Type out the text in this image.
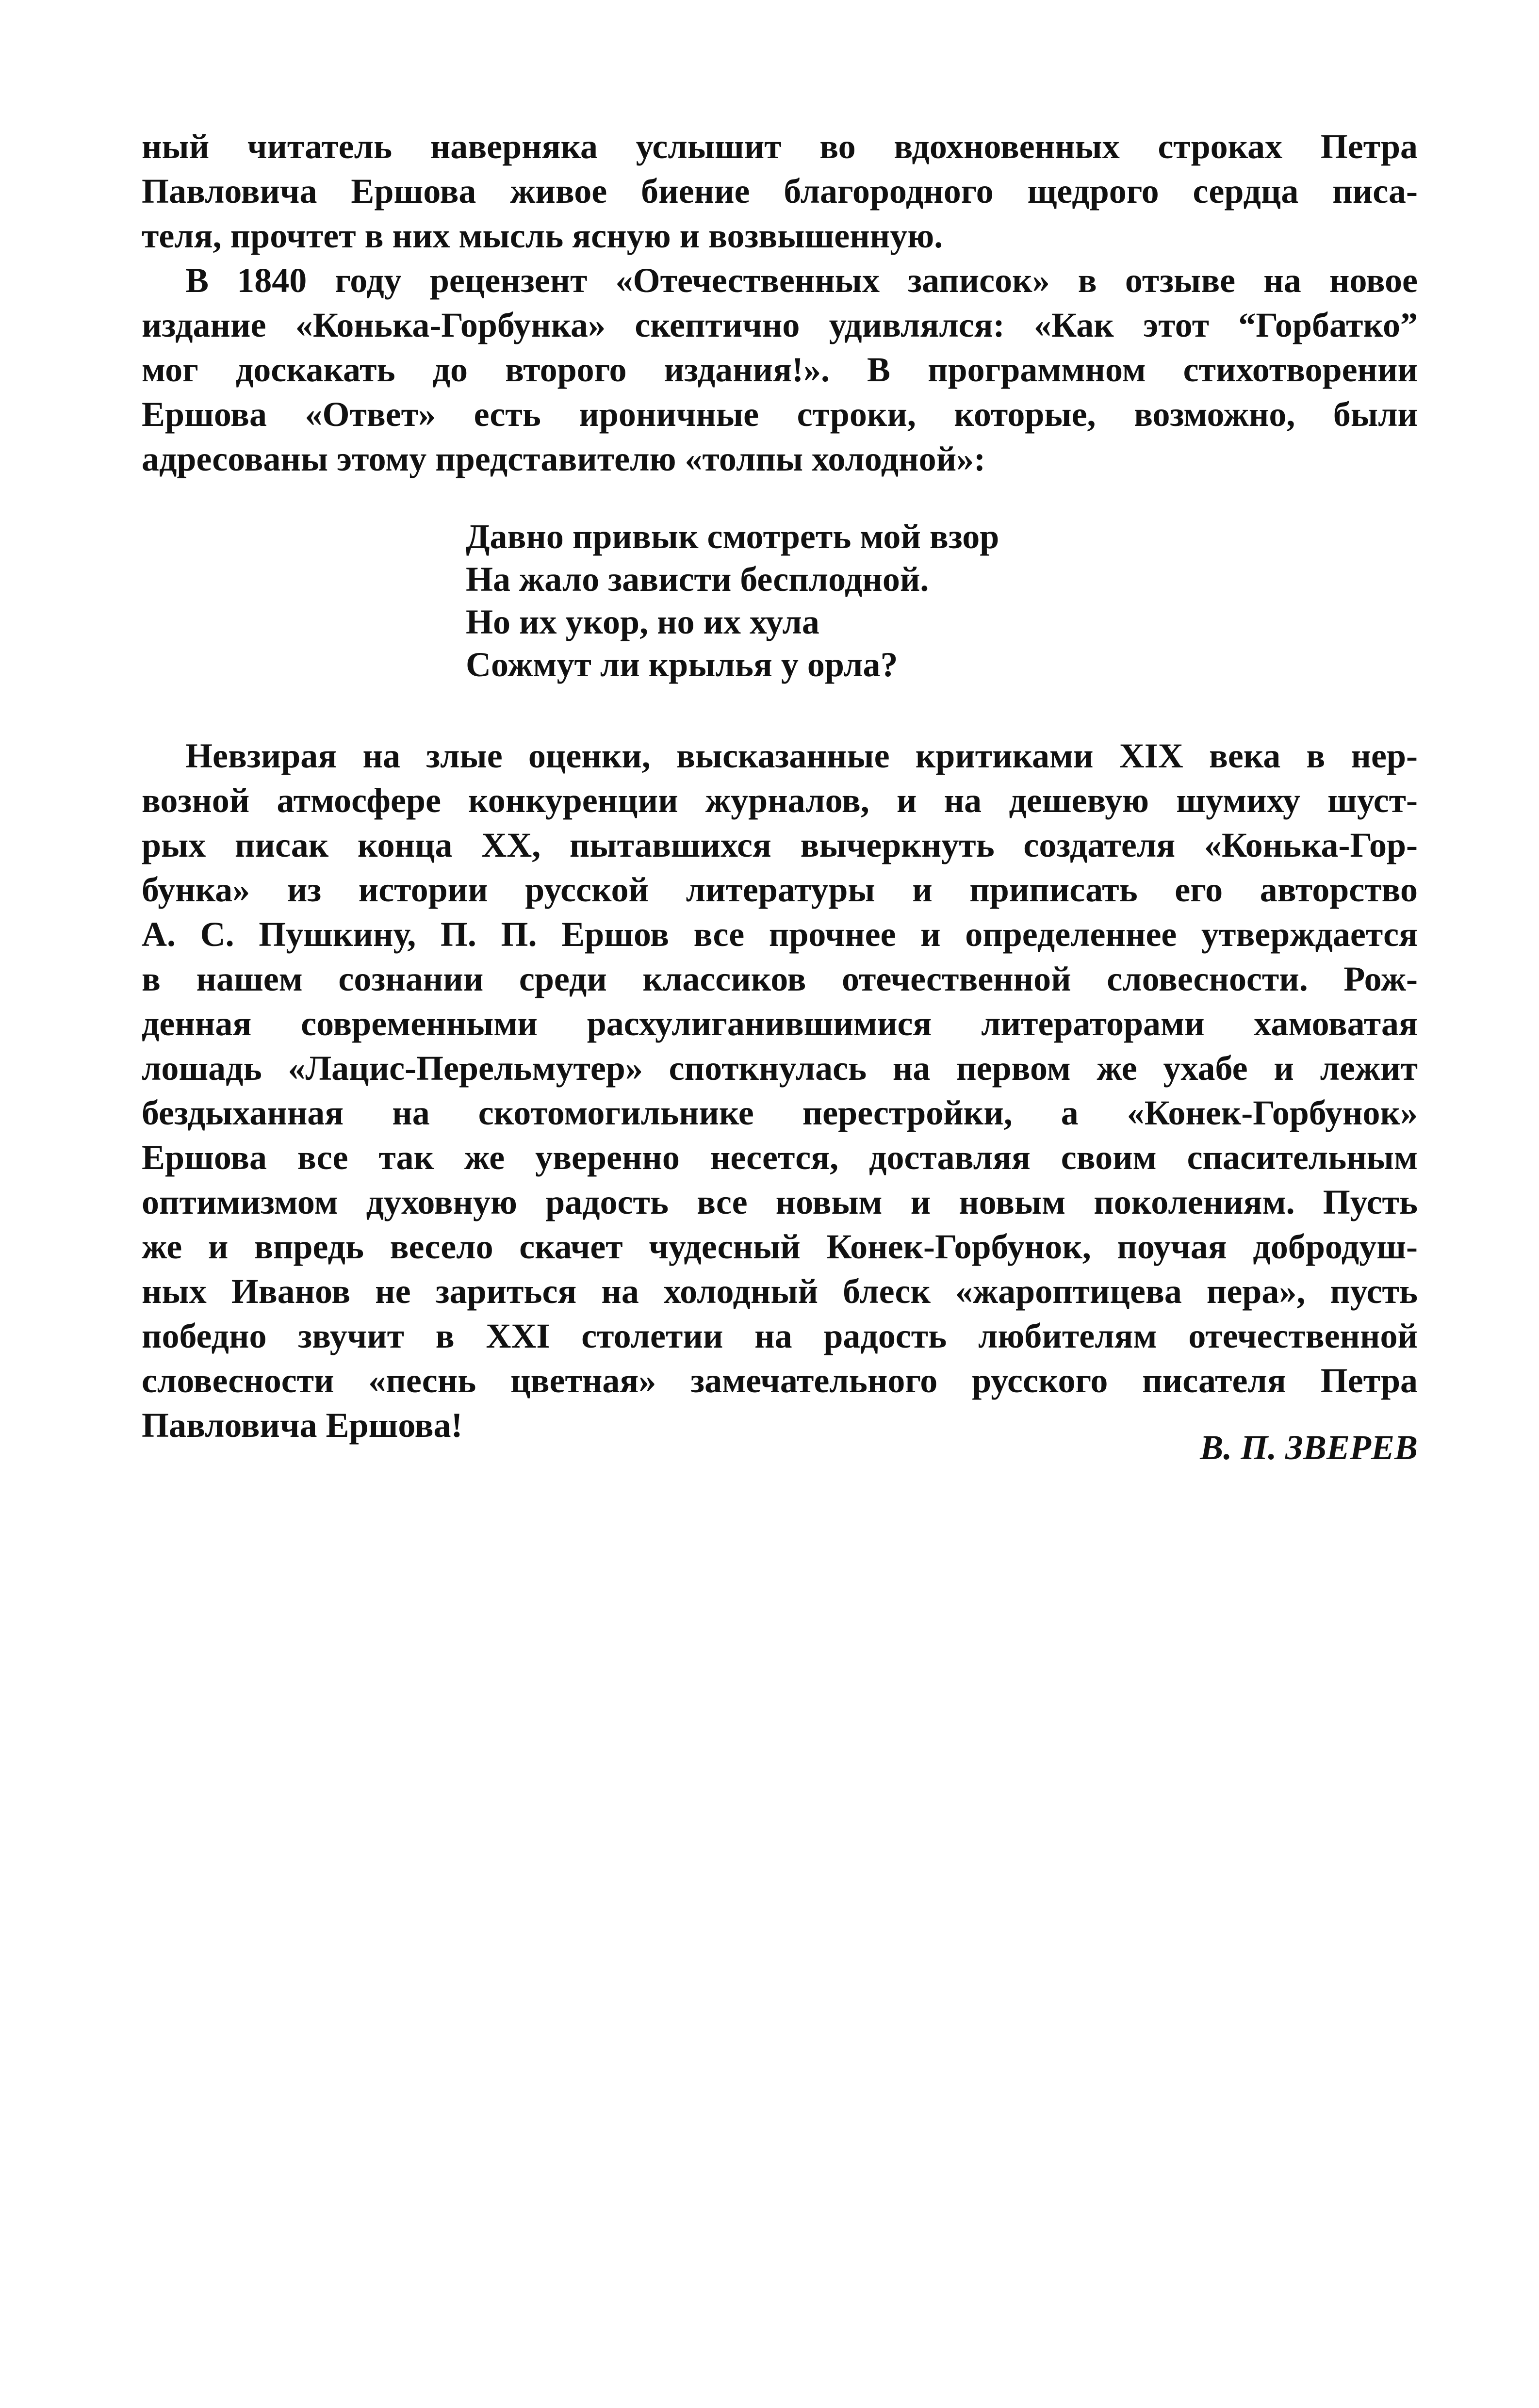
ный читатель наверняка услышит во вдохновенных строках Петра
Павловича Ершова живое биение благородного щедрого сердца писа-
теля, прочтет в них мысль ясную и возвышенную.
В 1840 году рецензент «Отечественных записок» в отзыве на новое
издание «Конька-Горбунка» скептично удивлялся: «Как этот “Горбатко”
мог доскакать до второго издания!». В программном стихотворении
Ершова «Ответ» есть ироничные строки, которые, возможно, были
адресованы этому представителю «толпы холодной»:
Давно привык смотреть мой взор
На жало зависти бесплодной.
Но их укор, но их хула
Сожмут ли крылья у орла?
Невзирая на злые оценки, высказанные критиками XIX века в нер-
возной атмосфере конкуренции журналов, и на дешевую шумиху шуст-
рых писак конца XX, пытавшихся вычеркнуть создателя «Конька-Гор-
бунка» из истории русской литературы и приписать его авторство
А. С. Пушкину, П. П. Ершов все прочнее и определеннее утверждается
в нашем сознании среди классиков отечественной словесности. Рож-
денная современными расхулиганившимися литераторами хамоватая
лошадь «Лацис-Перельмутер» споткнулась на первом же ухабе и лежит
бездыханная на скотомогильнике перестройки, а «Конек-Горбунок»
Ершова все так же уверенно несется, доставляя своим спасительным
оптимизмом духовную радость все новым и новым поколениям. Пусть
же и впредь весело скачет чудесный Конек-Горбунок, поучая добродуш-
ных Иванов не зариться на холодный блеск «жароптицева пера», пусть
победно звучит в XXI столетии на радость любителям отечественной
словесности «песнь цветная» замечательного русского писателя Петра
Павловича Ершова!
В. П. ЗВЕРЕВ
